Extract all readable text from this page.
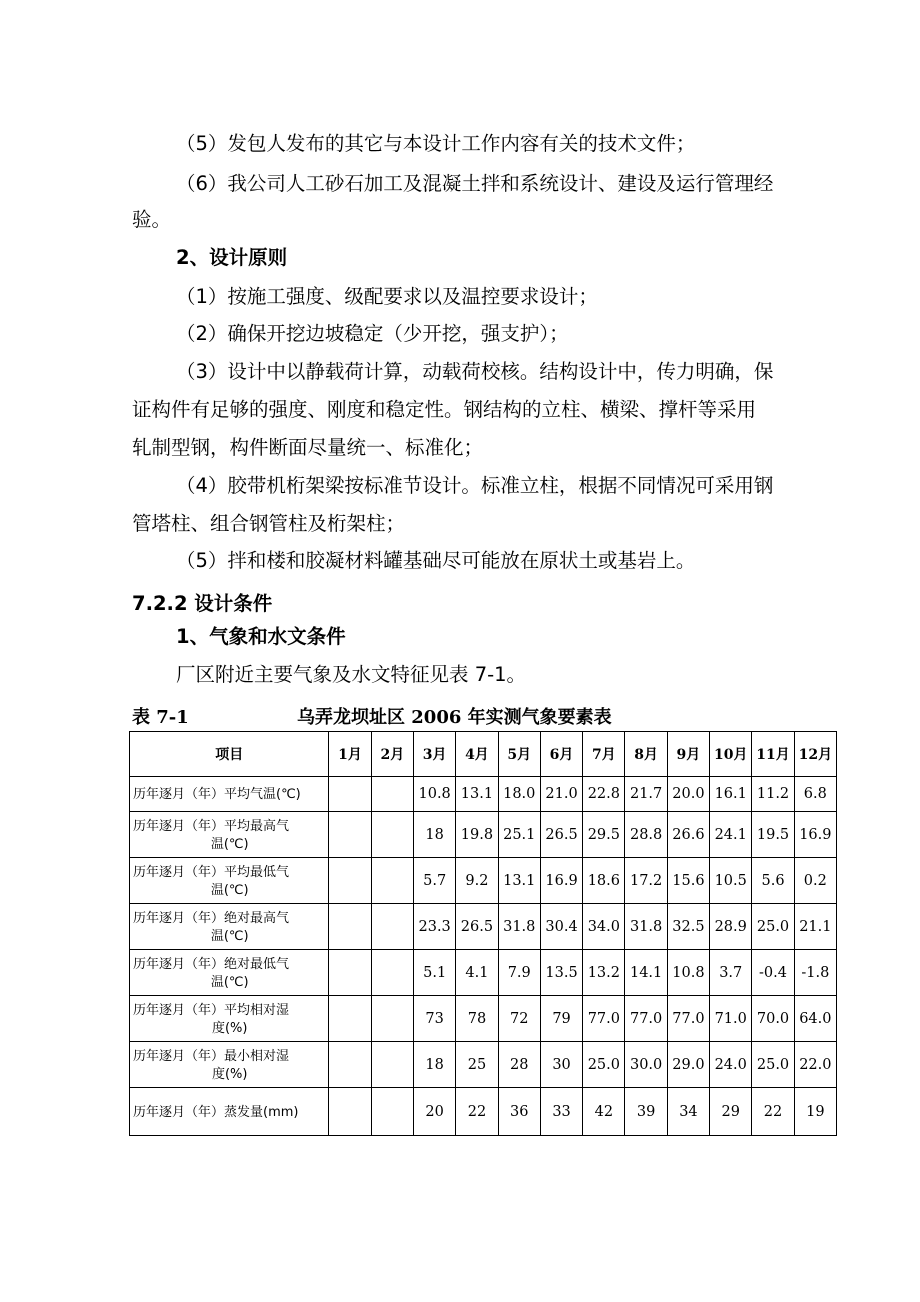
（5）发包人发布的其它与本设计工作内容有关的技术文件；
（6）我公司人工砂石加工及混凝土拌和系统设计、建设及运行管理经
验。
2、设计原则
（1）按施工强度、级配要求以及温控要求设计；
（2）确保开挖边坡稳定（少开挖，强支护）；
（3）设计中以静载荷计算，动载荷校核。结构设计中，传力明确，保
证构件有足够的强度、刚度和稳定性。钢结构的立柱、横梁、撑杆等采用
轧制型钢，构件断面尽量统一、标准化；
（4）胶带机桁架梁按标准节设计。标准立柱，根据不同情况可采用钢
管塔柱、组合钢管柱及桁架柱；
（5）拌和楼和胶凝材料罐基础尽可能放在原状土或基岩上。
7.2.2 设计条件
1、气象和水文条件
厂区附近主要气象及水文特征见表 7-1。
表 7-1	乌弄龙坝址区 2006 年实测气象要素表
项目	1月	2月	3月	4月	5月	6月	7月	8月	9月	10月	11月	12月
历年逐月（年）平均气温(℃)			10.8	13.1	18.0	21.0	22.8	21.7	20.0	16.1	11.2	6.8
历年逐月（年）平均最高气
温(℃)			18	19.8	25.1	26.5	29.5	28.8	26.6	24.1	19.5	16.9
历年逐月（年）平均最低气
温(℃)			5.7	9.2	13.1	16.9	18.6	17.2	15.6	10.5	5.6	0.2
历年逐月（年）绝对最高气
温(℃)			23.3	26.5	31.8	30.4	34.0	31.8	32.5	28.9	25.0	21.1
历年逐月（年）绝对最低气
温(℃)			5.1	4.1	7.9	13.5	13.2	14.1	10.8	3.7	-0.4	-1.8
历年逐月（年）平均相对湿
度(%)			73	78	72	79	77.0	77.0	77.0	71.0	70.0	64.0
历年逐月（年）最小相对湿
度(%)			18	25	28	30	25.0	30.0	29.0	24.0	25.0	22.0
历年逐月（年）蒸发量(mm)			20	22	36	33	42	39	34	29	22	19
